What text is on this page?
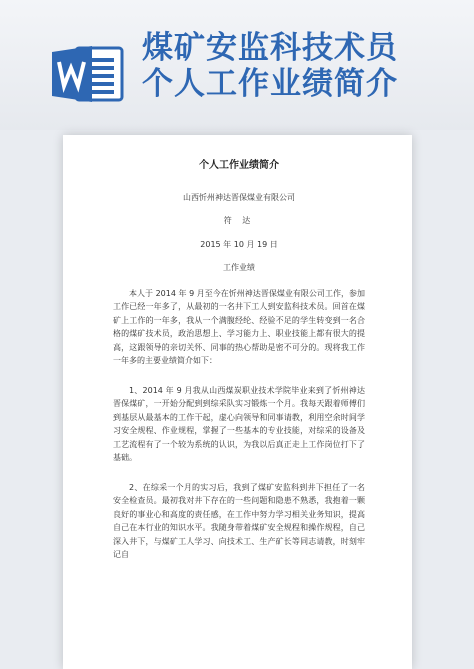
煤矿安监科技术员
个人工作业绩简介
个人工作业绩简介
山西忻州神达晋保煤业有限公司
符 达
2015 年 10 月 19 日
工作业绩

本人于 2014 年 9 月至今在忻州神达晋保煤业有限公司工作，参加工作已经一年多了，从最初的一名井下工人到安监科技术员。回首在煤矿上工作的一年多，我从一个满腹经纶、经验不足的学生转变到一名合格的煤矿技术员，政治思想上、学习能力上、职业技能上都有很大的提高，这跟领导的亲切关怀、同事的热心帮助是密不可分的。现将我工作一年多的主要业绩简介如下：

1、2014 年 9 月我从山西煤炭职业技术学院毕业来到了忻州神达晋保煤矿，一开始分配到到综采队实习锻炼一个月。我每天跟着师傅们到基层从最基本的工作干起，虚心向领导和同事请教，利用空余时间学习安全规程、作业规程，掌握了一些基本的专业技能，对综采的设备及工艺流程有了一个较为系统的认识，为我以后真正走上工作岗位打下了基础。

2、在综采一个月的实习后，我到了煤矿安监科到井下担任了一名安全检查员。最初我对井下存在的一些问题和隐患不熟悉，我抱着一颗良好的事业心和高度的责任感，在工作中努力学习相关业务知识，提高自己在本行业的知识水平。我随身带着煤矿安全规程和操作规程，自己深入井下，与煤矿工人学习、向技术工、生产矿长等同志请教，时刻牢记自
